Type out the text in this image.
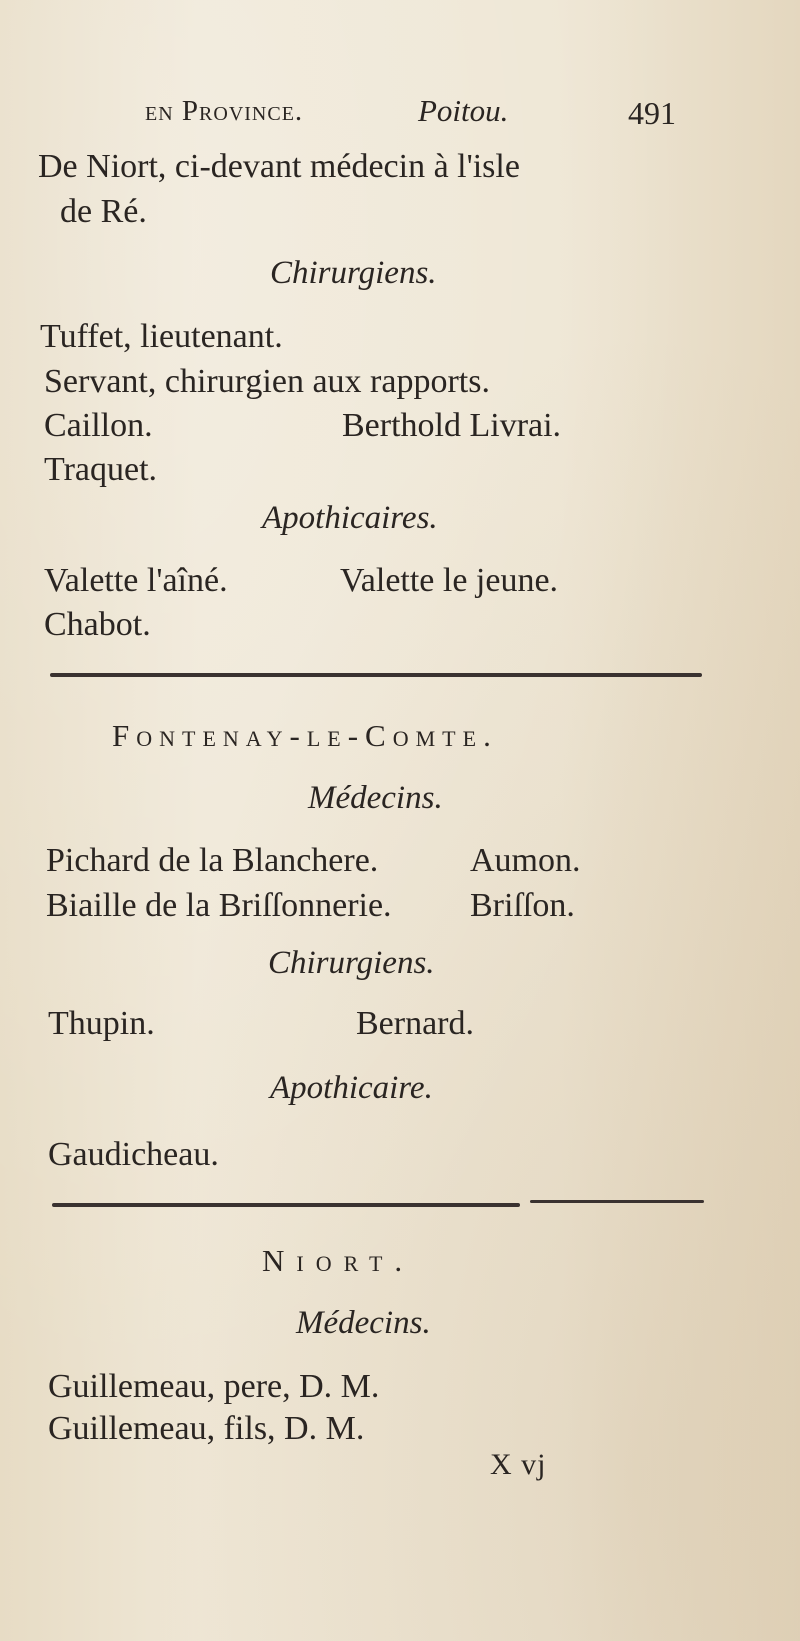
en Province.	Poitou.	491
De Niort, ci-devant médecin à l'isle
de Ré.
Chirurgiens.
Tuffet, lieutenant.
Servant, chirurgien aux rapports.
Caillon.	Berthold Livrai.
Traquet.
Apothicaires.
Valette l'aîné.	Valette le jeune.
Chabot.
Fontenay-le-Comte.
Médecins.
Pichard de la Blanchere.	Aumon.
Biaille de la Briſſonnerie. Briſſon.
Chirurgiens.
Thupin.	Bernard.
Apothicaire.
Gaudicheau.
Niort.
Médecins.
Guillemeau, pere, D. M.
Guillemeau, fils, D. M.
X vj
